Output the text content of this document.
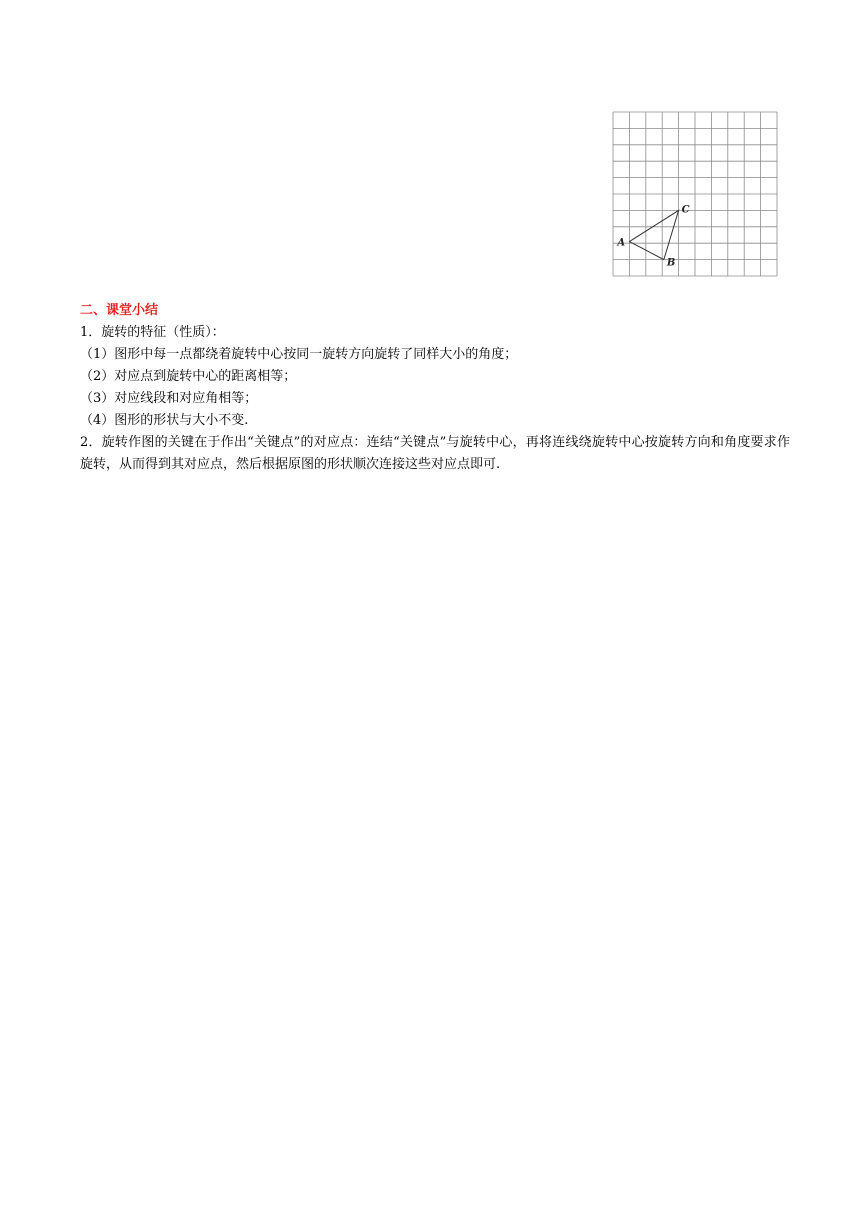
A
B
C
二、课堂小结
1．旋转的特征（性质）：
（1）图形中每一点都绕着旋转中心按同一旋转方向旋转了同样大小的角度；
（2）对应点到旋转中心的距离相等；
（3）对应线段和对应角相等；
（4）图形的形状与大小不变.
2．旋转作图的关键在于作出“关键点”的对应点：连结“关键点”与旋转中心，再将连线绕旋转中心按旋转方向和角度要求作旋转，从而得到其对应点，然后根据原图的形状顺次连接这些对应点即可.
